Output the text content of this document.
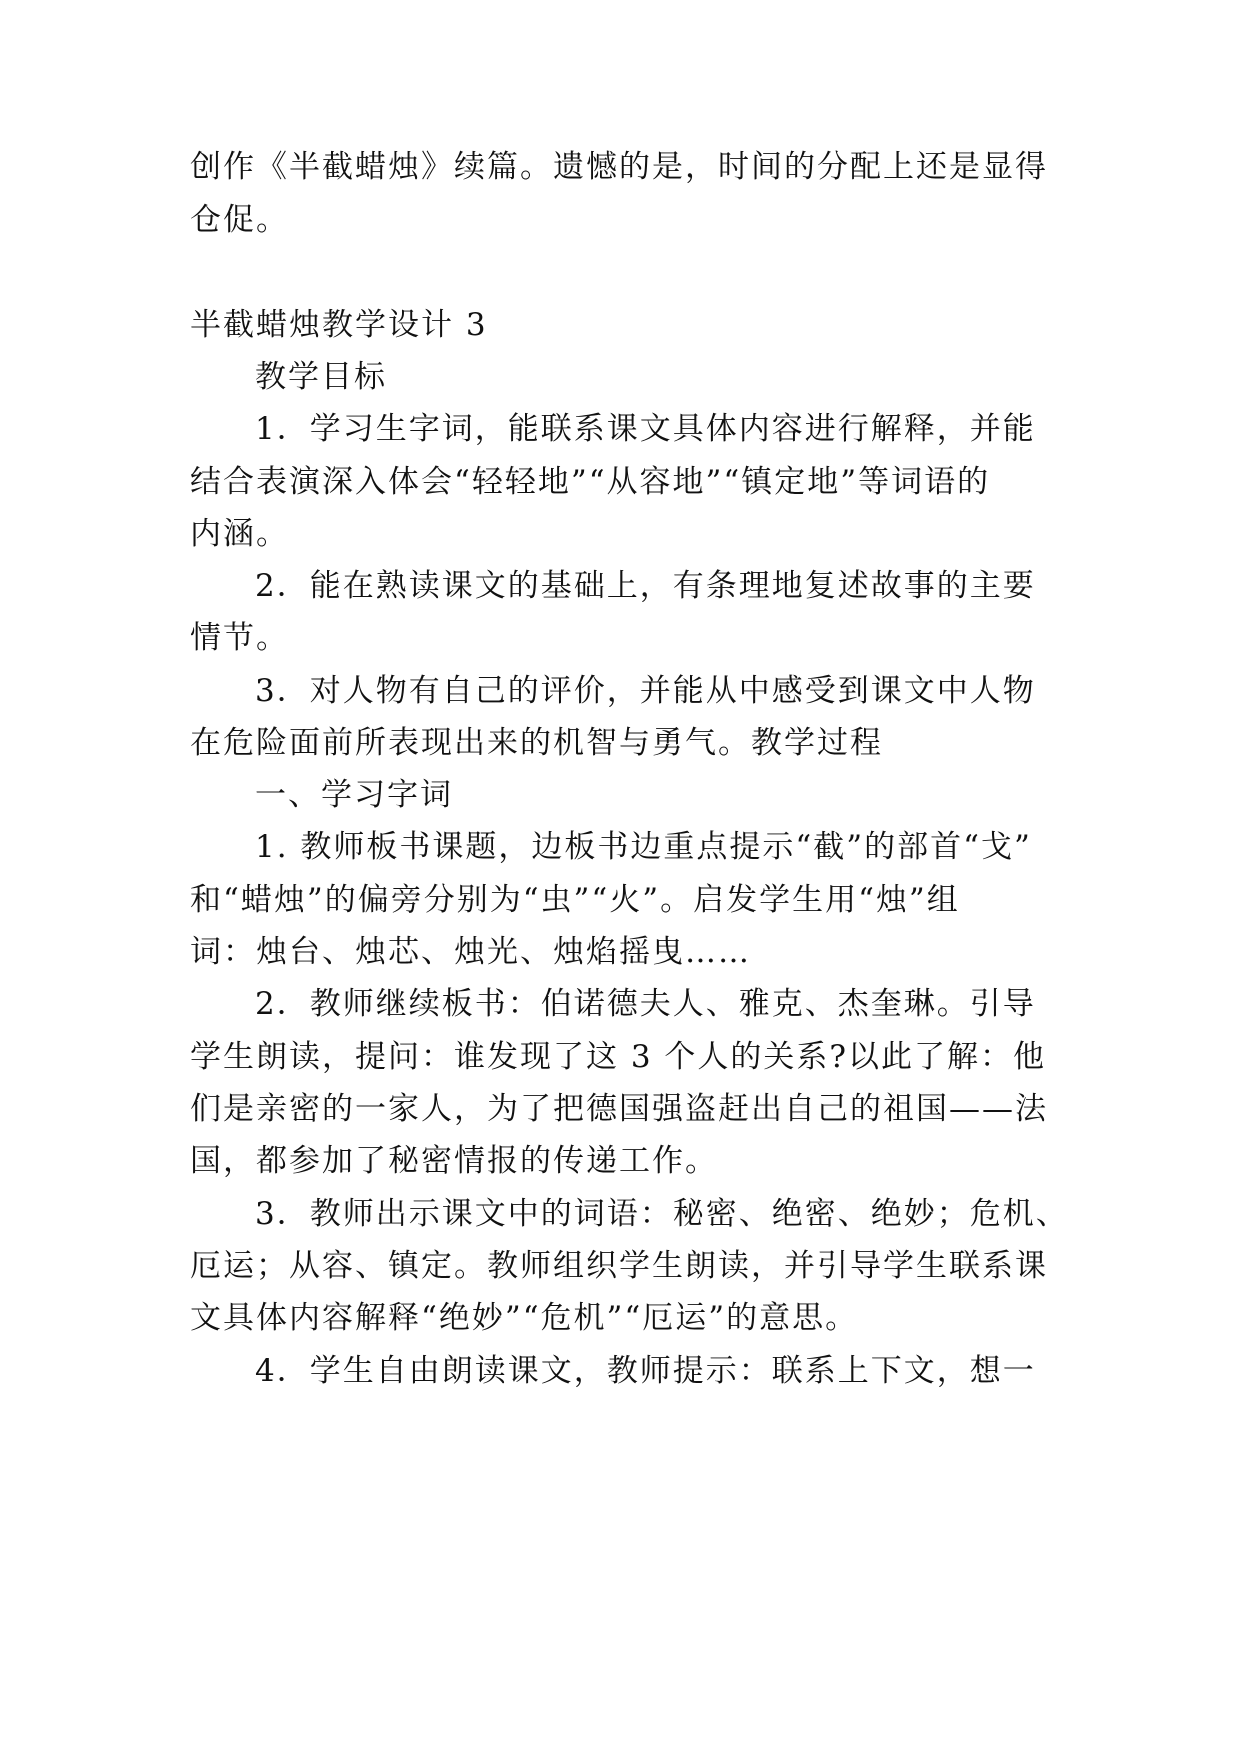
创作《半截蜡烛》续篇。遗憾的是，时间的分配上还是显得
仓促。
半截蜡烛教学设计 3
教学目标
1．学习生字词，能联系课文具体内容进行解释，并能
结合表演深入体会“轻轻地”“从容地”“镇定地”等词语的
内涵。
2．能在熟读课文的基础上，有条理地复述故事的主要
情节。
3．对人物有自己的评价，并能从中感受到课文中人物
在危险面前所表现出来的机智与勇气。教学过程
一、学习字词
1. 教师板书课题，边板书边重点提示“截”的部首“戈”
和“蜡烛”的偏旁分别为“虫”“火”。启发学生用“烛”组
词：烛台、烛芯、烛光、烛焰摇曳……
2．教师继续板书：伯诺德夫人、雅克、杰奎琳。引导
学生朗读，提问：谁发现了这 3 个人的关系?以此了解：他
们是亲密的一家人，为了把德国强盗赶出自己的祖国——法
国，都参加了秘密情报的传递工作。
3．教师出示课文中的词语：秘密、绝密、绝妙；危机、
厄运；从容、镇定。教师组织学生朗读，并引导学生联系课
文具体内容解释“绝妙”“危机”“厄运”的意思。
4．学生自由朗读课文，教师提示：联系上下文，想一
